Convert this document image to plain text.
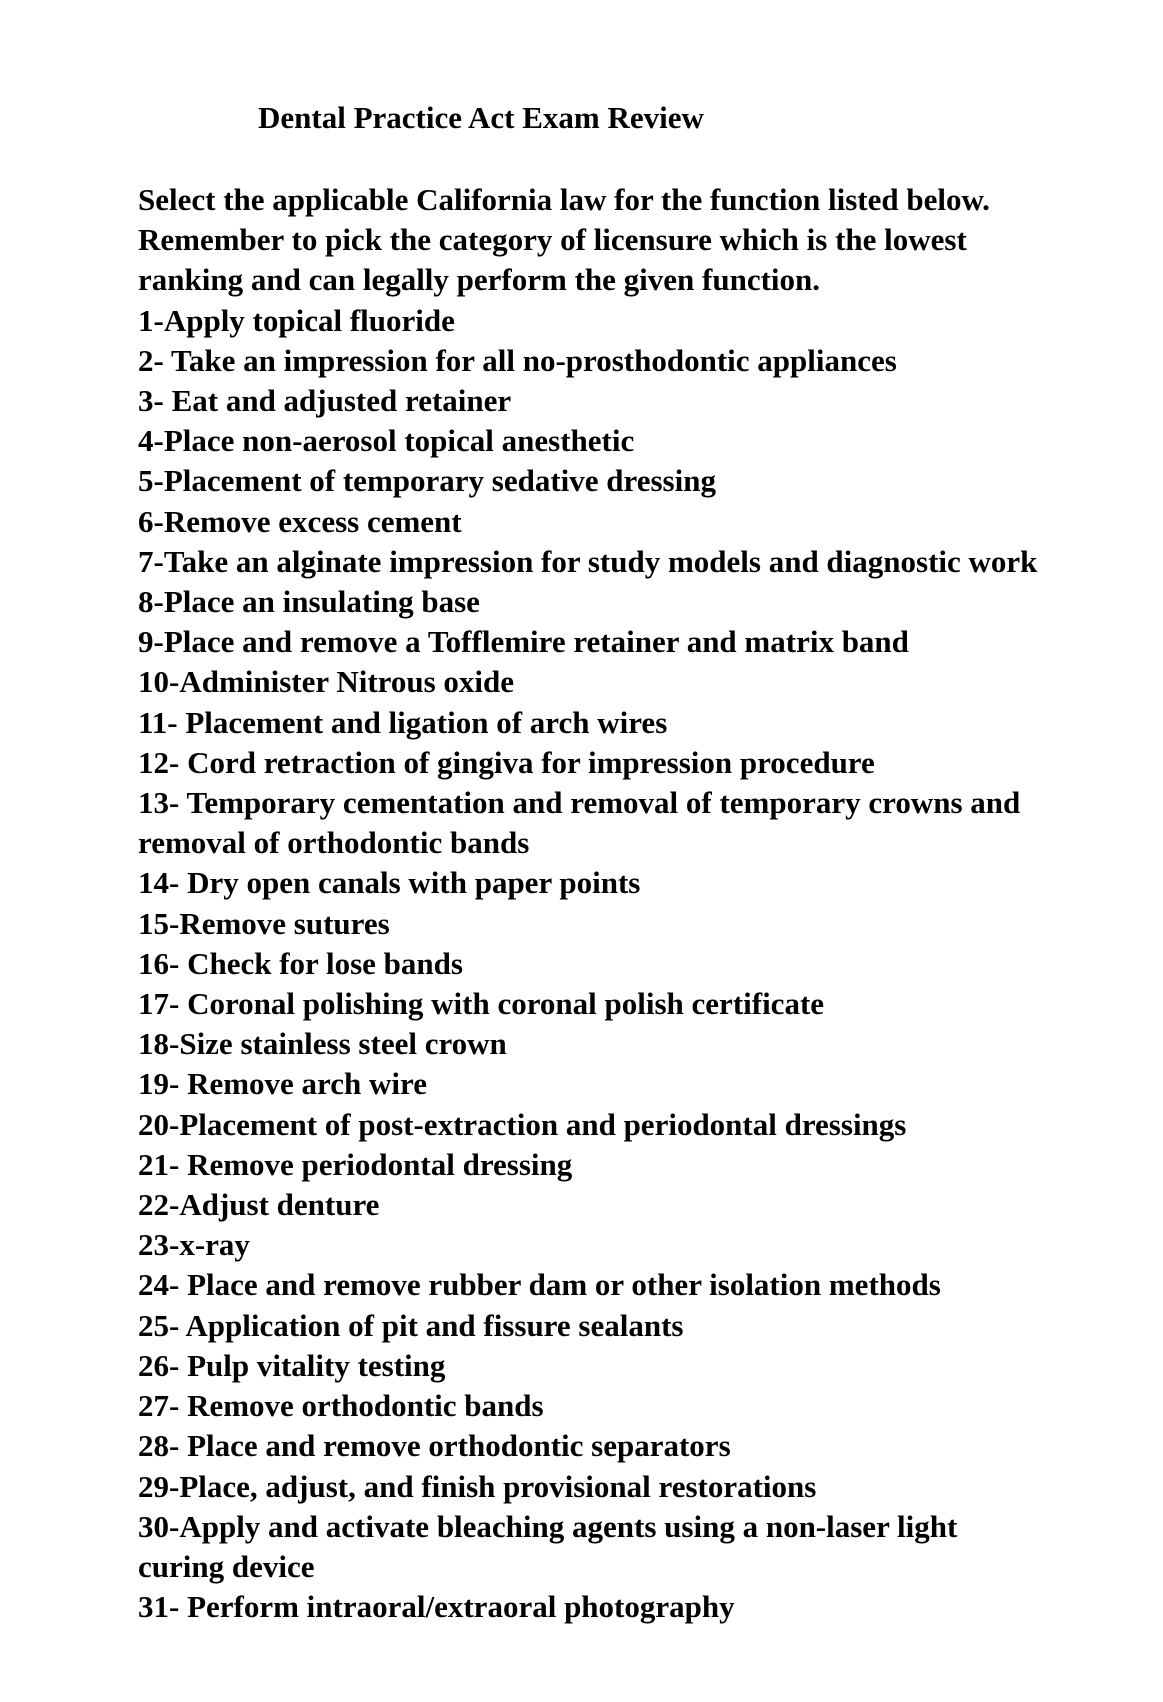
Dental Practice Act Exam Review

Select the applicable California law for the function listed below. Remember to pick the category of licensure which is the lowest ranking and can legally perform the given function.

1-Apply topical fluoride
2- Take an impression for all no-prosthodontic appliances
3- Eat and adjusted retainer
4-Place non-aerosol topical anesthetic
5-Placement of temporary sedative dressing
6-Remove excess cement
7-Take an alginate impression for study models and diagnostic work
8-Place an insulating base
9-Place and remove a Tofflemire retainer and matrix band
10-Administer Nitrous oxide
11- Placement and ligation of arch wires
12- Cord retraction of gingiva for impression procedure
13- Temporary cementation and removal of temporary crowns and removal of orthodontic bands
14- Dry open canals with paper points
15-Remove sutures
16- Check for lose bands
17- Coronal polishing with coronal polish certificate
18-Size stainless steel crown
19- Remove arch wire
20-Placement of post-extraction and periodontal dressings
21- Remove periodontal dressing
22-Adjust denture
23-x-ray
24- Place and remove rubber dam or other isolation methods
25- Application of pit and fissure sealants
26- Pulp vitality testing
27- Remove orthodontic bands
28- Place and remove orthodontic separators
29-Place, adjust, and finish provisional restorations
30-Apply and activate bleaching agents using a non-laser light curing device
31- Perform intraoral/extraoral photography
